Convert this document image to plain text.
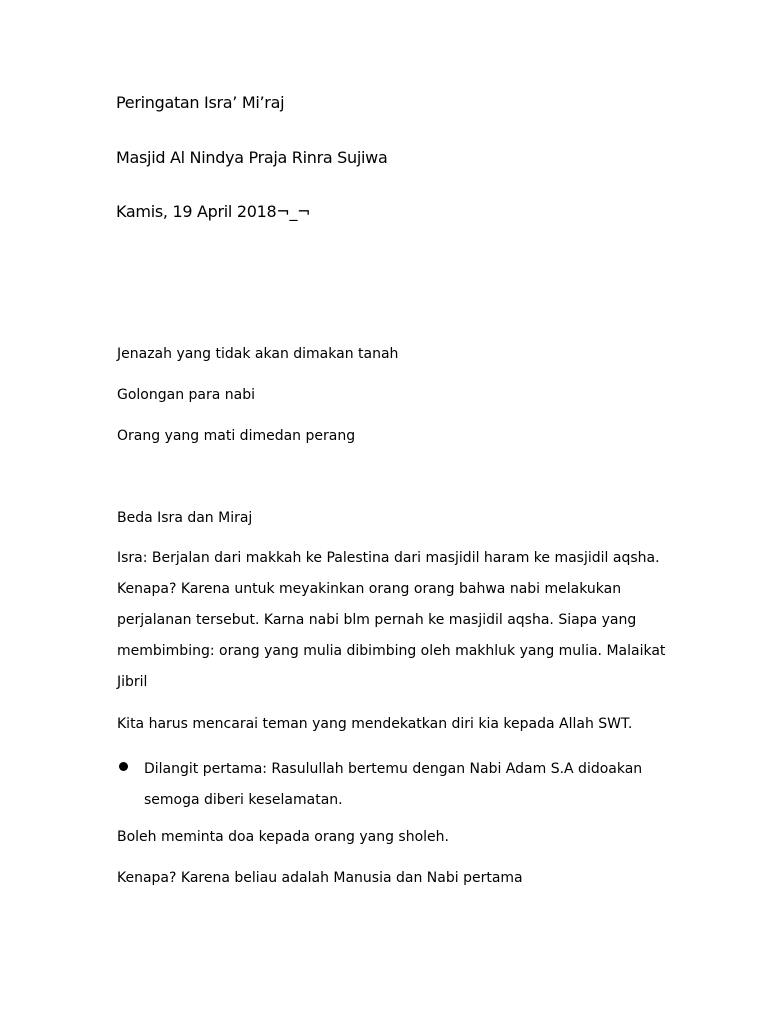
Peringatan Isra’ Mi’raj
Masjid Al Nindya Praja Rinra Sujiwa
Kamis, 19 April 2018¬_¬
Jenazah yang tidak akan dimakan tanah
Golongan para nabi
Orang yang mati dimedan perang
Beda Isra dan Miraj
Isra: Berjalan dari makkah ke Palestina dari masjidil haram ke masjidil aqsha. Kenapa? Karena untuk meyakinkan orang orang bahwa nabi melakukan perjalanan tersebut. Karna nabi blm pernah ke masjidil aqsha. Siapa yang membimbing: orang yang mulia dibimbing oleh makhluk yang mulia. Malaikat Jibril
Kita harus mencarai teman yang mendekatkan diri kia kepada Allah SWT.
Dilangit pertama: Rasulullah bertemu dengan Nabi Adam S.A didoakan semoga diberi keselamatan.
Boleh meminta doa kepada orang yang sholeh.
Kenapa? Karena beliau adalah Manusia dan Nabi pertama
